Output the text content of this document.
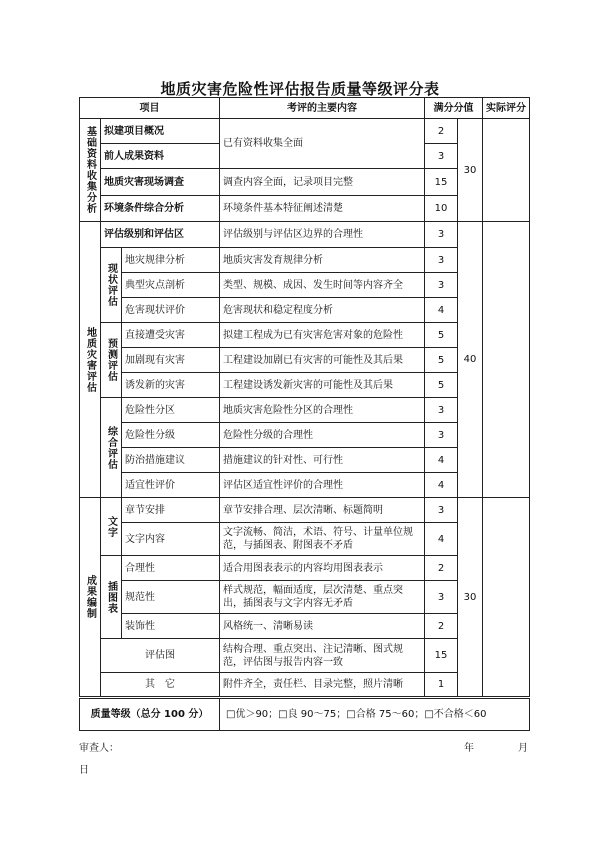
地质灾害危险性评估报告质量等级评分表
项目			考评的主要内容	满分分值		实际评分
基础资料收集分析	拟建项目概况		已有资料收集全面	2	30	
	前人成果资料			3		
	地质灾害现场调查		调查内容全面，记录项目完整	15		
	环境条件综合分析		环境条件基本特征阐述清楚	10		
地质灾害评估	评估级别和评估区		评估级别与评估区边界的合理性	3	40	
	现状评估	地灾规律分析	地质灾害发育规律分析	3		
		典型灾点剖析	类型、规模、成因、发生时间等内容齐全	3		
		危害现状评价	危害现状和稳定程度分析	4		
	预测评估	直接遭受灾害	拟建工程成为已有灾害危害对象的危险性	5		
		加剧现有灾害	工程建设加剧已有灾害的可能性及其后果	5		
		诱发新的灾害	工程建设诱发新灾害的可能性及其后果	5		
	综合评估	危险性分区	地质灾害危险性分区的合理性	3		
		危险性分级	危险性分级的合理性	3		
		防治措施建议	措施建议的针对性、可行性	4		
		适宜性评价	评估区适宜性评价的合理性	4		
成果编制	文字	章节安排	章节安排合理、层次清晰、标题简明	3	30	
		文字内容	文字流畅、简洁，术语、符号、计量单位规范，与插图表、附图表不矛盾	4		
	插图表	合理性	适合用图表表示的内容均用图表表示	2		
		规范性	样式规范，幅面适度，层次清楚、重点突出，插图表与文字内容无矛盾	3		
		装饰性	风格统一、清晰易读	2		
	评估图		结构合理、重点突出、注记清晰、图式规范，评估图与报告内容一致	15		
	其　它		附件齐全，责任栏、目录完整，照片清晰	1		
质量等级（总分 100 分）			□优＞90；□良 90～75；□合格 75～60；□不合格＜60			
审查人：	年	月
日
